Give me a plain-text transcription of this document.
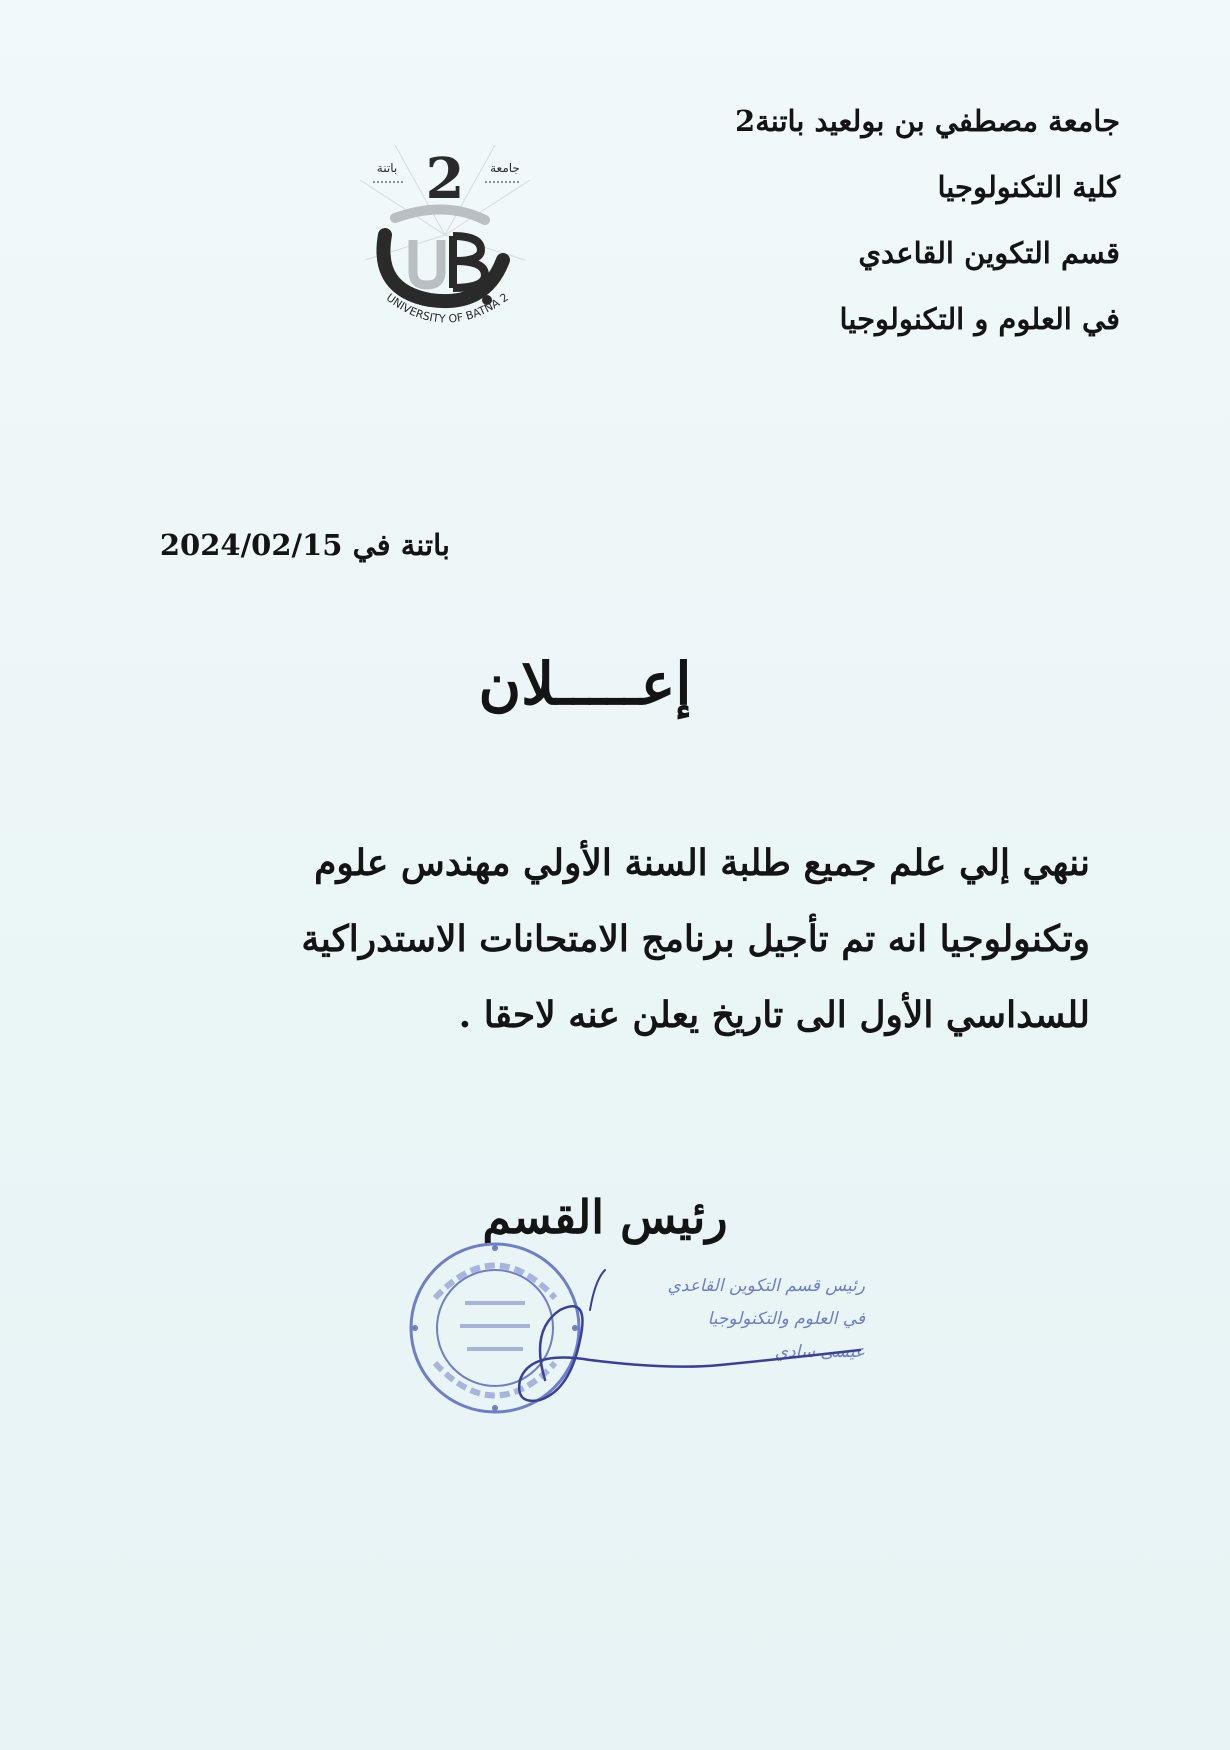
جامعة مصطفي بن بولعيد باتنة2
كلية التكنولوجيا
قسم التكوين القاعدي
في العلوم و التكنولوجيا
2 جامعة
باتنة
UNIVERSITY OF BATNA 2
باتنة في 2024/02/15
إعـــــلان
ننهي إلي علم جميع طلبة السنة الأولي مهندس علوم
وتكنولوجيا انه تم تأجيل برنامج الامتحانات الاستدراكية
للسداسي الأول الى تاريخ يعلن عنه لاحقا .
رئيس القسم
رئيس قسم التكوين القاعدي
في العلوم والتكنولوجيا
عيسى سادي
